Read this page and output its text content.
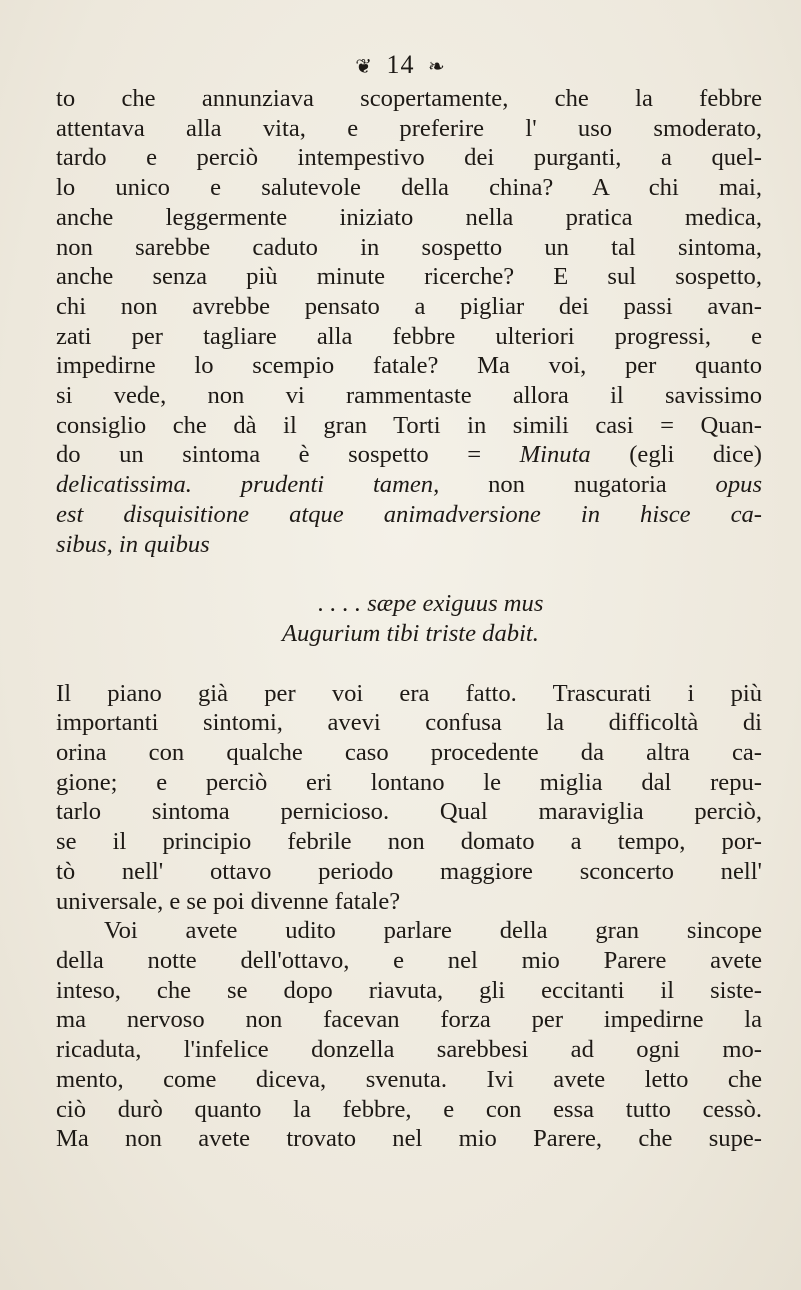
❦ 14 ❧
to che annunziava scopertamente, che la febbre
attentava alla vita, e preferire l' uso smoderato,
tardo e perciò intempestivo dei purganti, a quel-
lo unico e salutevole della china? A chi mai,
anche leggermente iniziato nella pratica medica,
non sarebbe caduto in sospetto un tal sintoma,
anche senza più minute ricerche? E sul sospetto,
chi non avrebbe pensato a pigliar dei passi avan-
zati per tagliare alla febbre ulteriori progressi, e
impedirne lo scempio fatale? Ma voi, per quanto
si vede, non vi rammentaste allora il savissimo
consiglio che dà il gran Torti in simili casi = Quan-
do un sintoma è sospetto = Minuta (egli dice)
delicatissima. prudenti tamen, non nugatoria opus
est disquisitione atque animadversione in hisce ca-
sibus, in quibus
. . . . sæpe exiguus mus
Augurium tibi triste dabit.
Il piano già per voi era fatto. Trascurati i più
importanti sintomi, avevi confusa la difficoltà di
orina con qualche caso procedente da altra ca-
gione; e perciò eri lontano le miglia dal repu-
tarlo sintoma pernicioso. Qual maraviglia perciò,
se il principio febrile non domato a tempo, por-
tò nell' ottavo periodo maggiore sconcerto nell'
universale, e se poi divenne fatale?
Voi avete udito parlare della gran sincope
della notte dell'ottavo, e nel mio Parere avete
inteso, che se dopo riavuta, gli eccitanti il siste-
ma nervoso non facevan forza per impedirne la
ricaduta, l'infelice donzella sarebbesi ad ogni mo-
mento, come diceva, svenuta. Ivi avete letto che
ciò durò quanto la febbre, e con essa tutto cessò.
Ma non avete trovato nel mio Parere, che supe-
